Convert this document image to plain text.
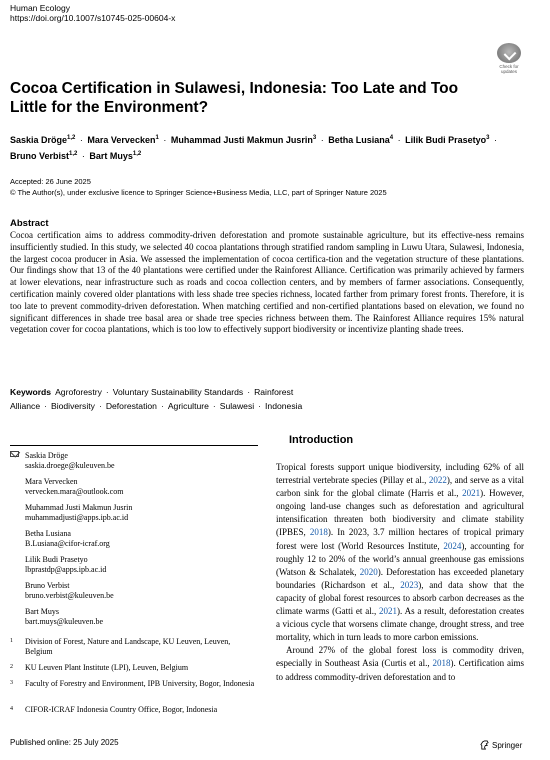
Human Ecology
https://doi.org/10.1007/s10745-025-00604-x
Check for updates
Cocoa Certification in Sulawesi, Indonesia: Too Late and Too Little for the Environment?
Saskia Dröge$^{1,2}$ · Mara Vervecken$^1$ · Muhammad Justi Makmun Jusrin$^3$ · Betha Lusiana$^4$ · Lilik Budi Prasetyo$^3$ ·
Bruno Verbist$^{1,2}$ · Bart Muys$^{1,2}$
Accepted: 26 June 2025
© The Author(s), under exclusive licence to Springer Science+Business Media, LLC, part of Springer Nature 2025
Abstract

Cocoa certification aims to address commodity-driven deforestation and promote sustainable agriculture, but its effective-ness remains insufficiently studied. In this study, we selected 40 cocoa plantations through stratified random sampling in Luwu Utara, Sulawesi, Indonesia, the largest cocoa producer in Asia. We assessed the implementation of cocoa certifica-tion and the vegetation structure of these plantations. Our findings show that 13 of the 40 plantations were certified under the Rainforest Alliance. Certification was primarily achieved by farmers at lower elevations, near infrastructure such as roads and cocoa collection centers, and by members of farmer associations. Consequently, certification mainly covered older plantations with less shade tree species richness, located farther from primary forest fronts. Therefore, it is too late to prevent commodity-driven deforestation. When matching certified and non-certified plantations based on elevation, we found no significant differences in shade tree basal area or shade tree species richness between them. The Rainforest Alliance requires 15% natural vegetation cover for cocoa plantations, which is too low to effectively support biodiversity or incentivize planting shade trees.

Keywords Agroforestry · Voluntary Sustainability Standards · Rainforest Alliance · Biodiversity · Deforestation · Agriculture · Sulawesi · Indonesia
Saskia Dröge
saskia.droege@kuleuven.be
Mara Vervecken
vervecken.mara@outlook.com
Muhammad Justi Makmun Jusrin
muhammadjusti@apps.ipb.ac.id
Betha Lusiana
B.Lusiana@cifor-icraf.org
Lilik Budi Prasetyo
lbprastdp@apps.ipb.ac.id
Bruno Verbist
bruno.verbist@kuleuven.be
Bart Muys
bart.muys@kuleuven.be
1 Division of Forest, Nature and Landscape, KU Leuven, Leuven, Belgium
2 KU Leuven Plant Institute (LPI), Leuven, Belgium
3 Faculty of Forestry and Environment, IPB University, Bogor, Indonesia
4 CIFOR-ICRAF Indonesia Country Office, Bogor, Indonesia
Introduction

Tropical forests support unique biodiversity, including 62% of all terrestrial vertebrate species (Pillay et al., 2022), and serve as a vital carbon sink for the global climate (Harris et al., 2021). However, ongoing land-use changes such as deforestation and agricultural intensification threaten both biodiversity and climate stability (IPBES, 2018). In 2023, 3.7 million hectares of tropical primary forest were lost (World Resources Institute, 2024), accounting for roughly 12 to 20% of the world’s annual greenhouse gas emissions (Watson & Schalatek, 2020). Deforestation has exceeded planetary boundaries (Richardson et al., 2023), and data show that the capacity of global forest resources to absorb carbon decreases as the climate warms (Gatti et al., 2021). As a result, deforestation creates a vicious cycle that worsens climate change, drought stress, and tree mortality, which in turn leads to more carbon emissions.

Around 27% of the global forest loss is commodity driven, especially in Southeast Asia (Curtis et al., 2018). Certification aims to address commodity-driven deforestation and to

Published online: 25 July 2025	Springer
